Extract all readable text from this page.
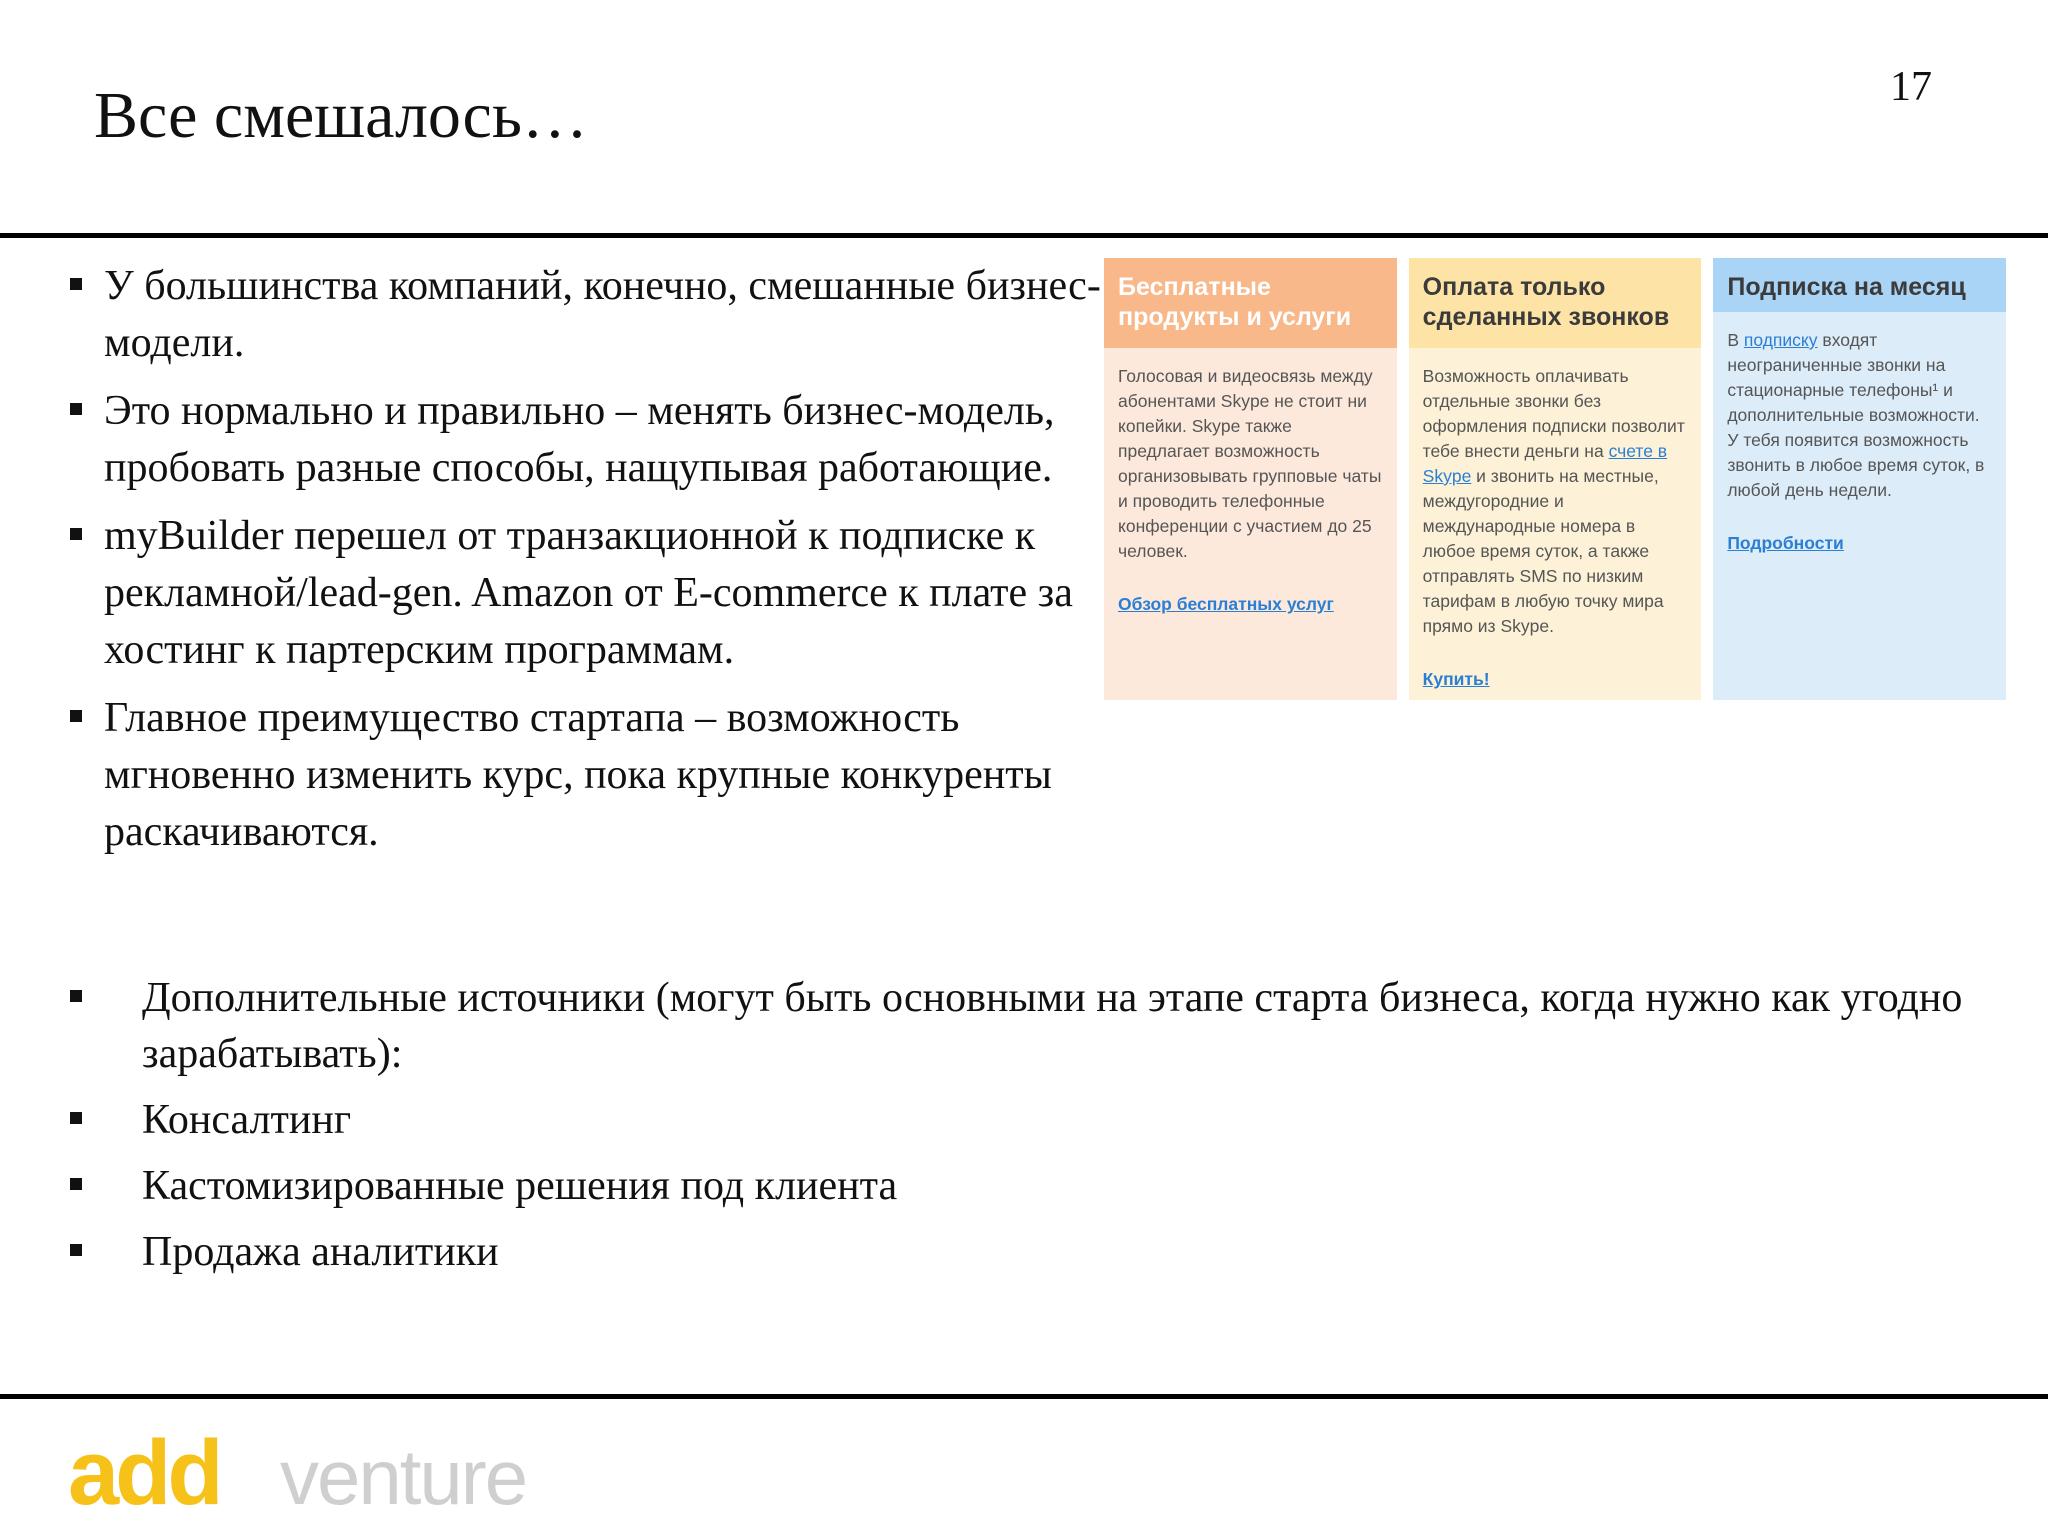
Все смешалось…	17
У большинства компаний, конечно, смешанные бизнес-модели.
Это нормально и правильно – менять бизнес-модель, пробовать разные способы, нащупывая работающие.
myBuilder перешел от транзакционной к подписке к рекламной/lead-gen. Amazon от E-commerce к плате за хостинг к партерским программам.
Главное преимущество стартапа – возможность мгновенно изменить курс, пока крупные конкуренты раскачиваются.
Бесплатные продукты и услуги
Голосовая и видеосвязь между абонентами Skype не стоит ни копейки. Skype также предлагает возможность организовывать групповые чаты и проводить телефонные конференции с участием до 25 человек.
Обзор бесплатных услуг
Оплата только сделанных звонков
Возможность оплачивать отдельные звонки без оформления подписки позволит тебе внести деньги на счете в Skype и звонить на местные, междугородние и международные номера в любое время суток, а также отправлять SMS по низким тарифам в любую точку мира прямо из Skype.
Купить!
Подписка на месяц
В подписку входят неограниченные звонки на стационарные телефоны¹ и дополнительные возможности. У тебя появится возможность звонить в любое время суток, в любой день недели.
Подробности
Дополнительные источники (могут быть основными на этапе старта бизнеса, когда нужно как угодно зарабатывать):
Консалтинг
Кастомизированные решения под клиента
Продажа аналитики
add venture
